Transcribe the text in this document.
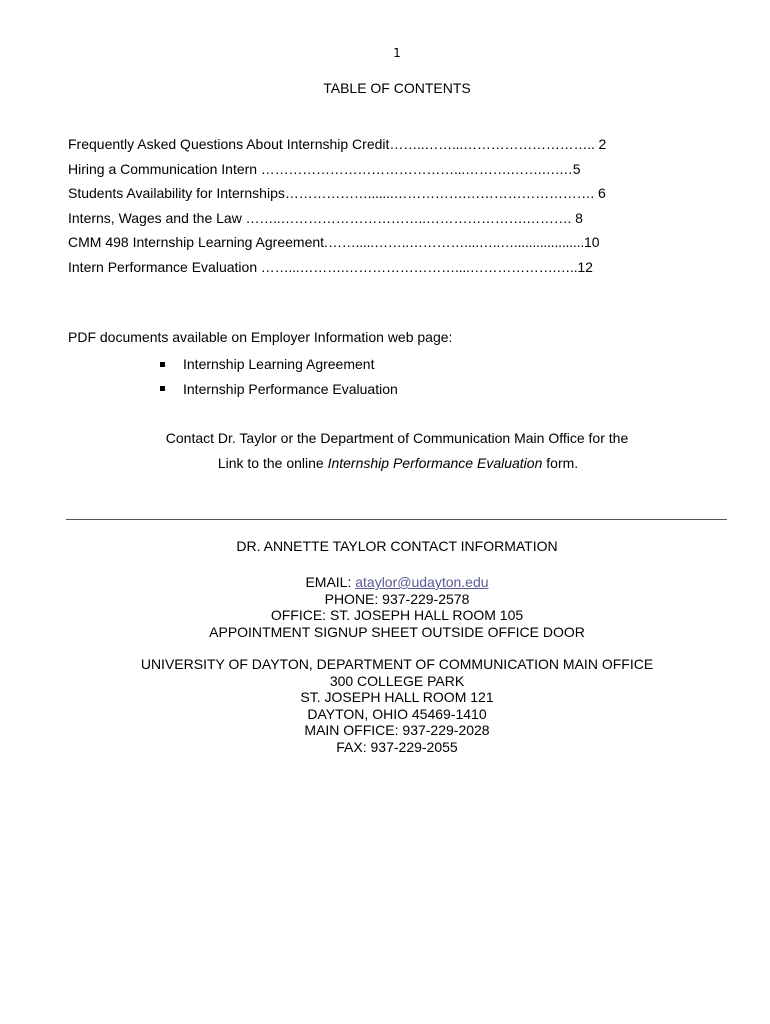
1
TABLE OF CONTENTS
Frequently Asked Questions About Internship Credit……..……...……………………….. 2
Hiring a Communication Intern ……………………………………...……….…….….…5
Students Availability for Internships……………….......…………….………………………. 6
Interns, Wages and the Law ……..…………………………..………………….………. 8
CMM 498 Internship Learning Agreement.…….....……..…………....…..…...................10
Intern Performance Evaluation ……...……….……………………....……………….…..12
PDF documents available on Employer Information web page:
Internship Learning Agreement
Internship Performance Evaluation
Contact Dr. Taylor or the Department of Communication Main Office for the
Link to the online Internship Performance Evaluation form.
DR. ANNETTE TAYLOR CONTACT INFORMATION
EMAIL: ataylor@udayton.edu
PHONE: 937-229-2578
OFFICE: ST. JOSEPH HALL ROOM 105
APPOINTMENT SIGNUP SHEET OUTSIDE OFFICE DOOR
UNIVERSITY OF DAYTON, DEPARTMENT OF COMMUNICATION MAIN OFFICE
300 COLLEGE PARK
ST. JOSEPH HALL ROOM 121
DAYTON, OHIO 45469-1410
MAIN OFFICE: 937-229-2028
FAX: 937-229-2055
